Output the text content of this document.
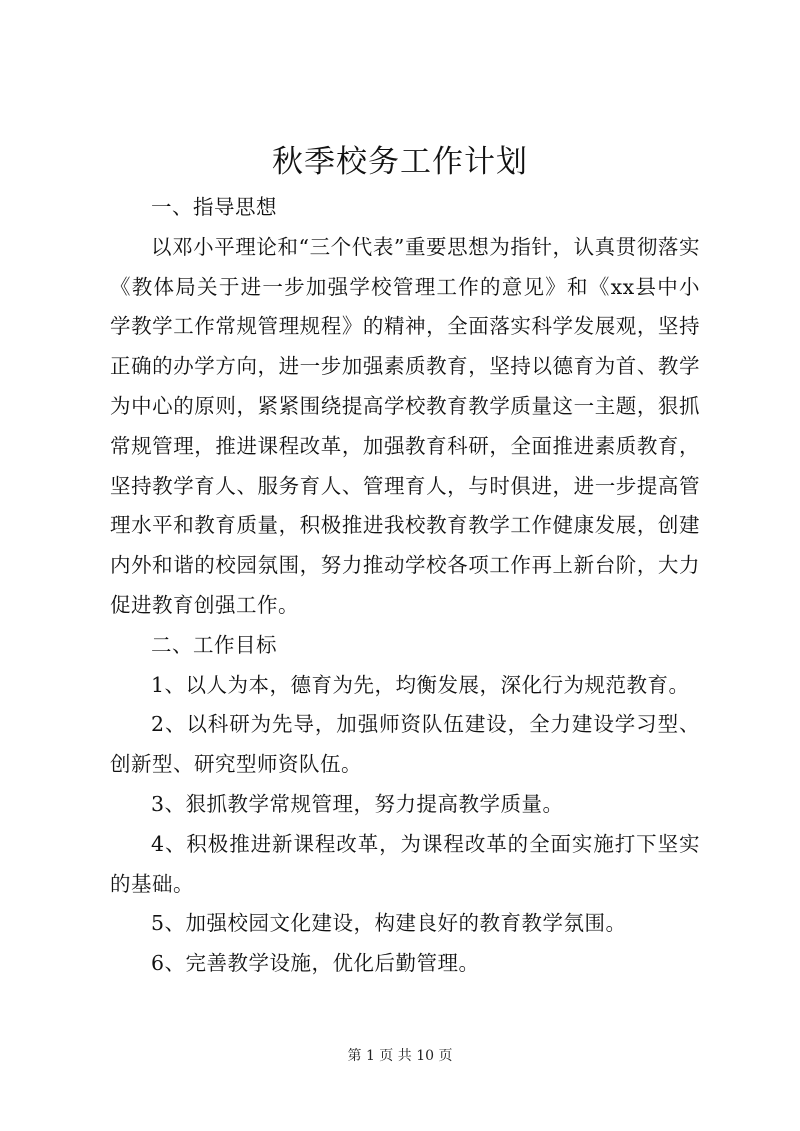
秋季校务工作计划

一、指导思想

以邓小平理论和“三个代表”重要思想为指针，认真贯彻落实《教体局关于进一步加强学校管理工作的意见》和《xx县中小学教学工作常规管理规程》的精神，全面落实科学发展观，坚持正确的办学方向，进一步加强素质教育，坚持以德育为首、教学为中心的原则，紧紧围绕提高学校教育教学质量这一主题，狠抓常规管理，推进课程改革，加强教育科研，全面推进素质教育，坚持教学育人、服务育人、管理育人，与时俱进，进一步提高管理水平和教育质量，积极推进我校教育教学工作健康发展，创建内外和谐的校园氛围，努力推动学校各项工作再上新台阶，大力促进教育创强工作。

二、工作目标

1、以人为本，德育为先，均衡发展，深化行为规范教育。

2、以科研为先导，加强师资队伍建设，全力建设学习型、创新型、研究型师资队伍。

3、狠抓教学常规管理，努力提高教学质量。

4、积极推进新课程改革，为课程改革的全面实施打下坚实的基础。

5、加强校园文化建设，构建良好的教育教学氛围。

6、完善教学设施，优化后勤管理。

第 1 页 共 10 页
